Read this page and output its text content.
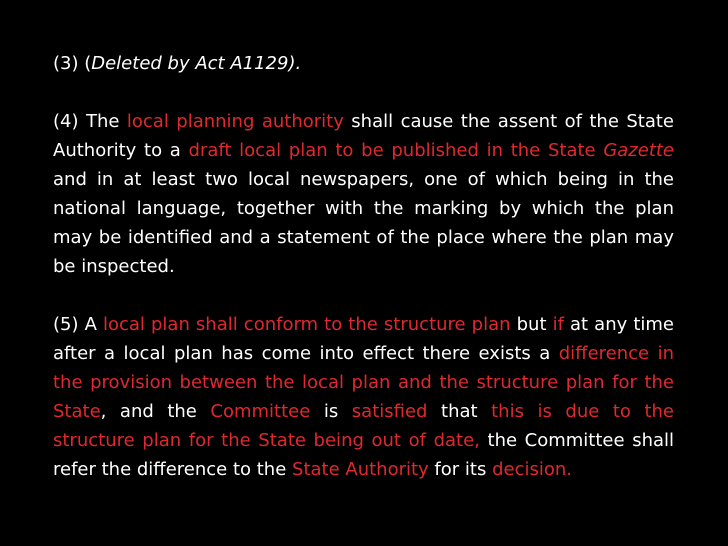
(3) (Deleted by Act A1129).

(4) The local planning authority shall cause the assent of the State Authority to a draft local plan to be published in the State Gazette and in at least two local newspapers, one of which being in the national language, together with the marking by which the plan may be identified and a statement of the place where the plan may be inspected.

(5) A local plan shall conform to the structure plan but if at any time after a local plan has come into effect there exists a difference in the provision between the local plan and the structure plan for the State, and the Committee is satisfied that this is due to the structure plan for the State being out of date, the Committee shall refer the difference to the State Authority for its decision.
